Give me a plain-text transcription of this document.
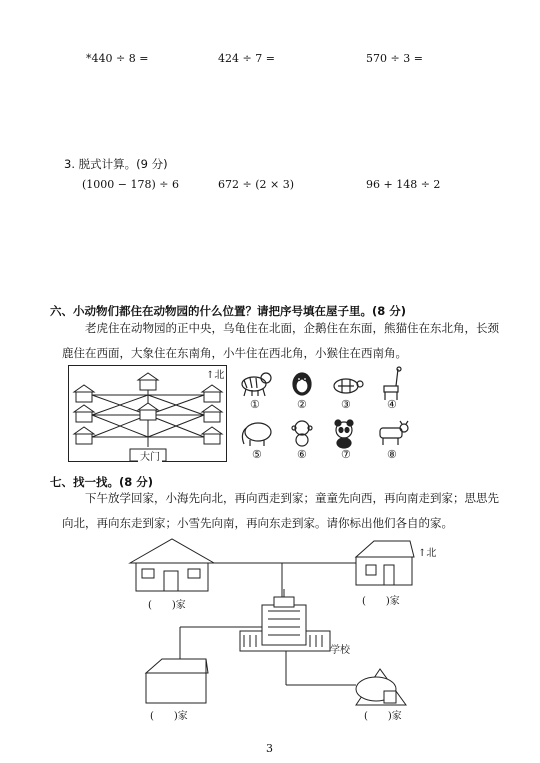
*440 ÷ 8 =	424 ÷ 7 =	570 ÷ 3 =
3. 脱式计算。(9 分)
(1000 − 178) ÷ 6	672 ÷ (2 × 3)	96 + 148 ÷ 2
六、小动物们都住在动物园的什么位置？请把序号填在屋子里。(8 分)
老虎住在动物园的正中央，乌龟住在北面，企鹅住在东面，熊猫住在东北角，长颈鹿住在西面，大象住在东南角，小牛住在西北角，小猴住在西南角。
大门
↑北
①	②	③	④
⑤	⑥	⑦	⑧
七、找一找。(8 分)
下午放学回家，小海先向北，再向西走到家；童童先向西，再向南走到家；思思先向北，再向东走到家；小雪先向南，再向东走到家。请你标出他们各自的家。
↑北
学校
(　　)家	(　　)家
(　　)家	(　　)家
3
